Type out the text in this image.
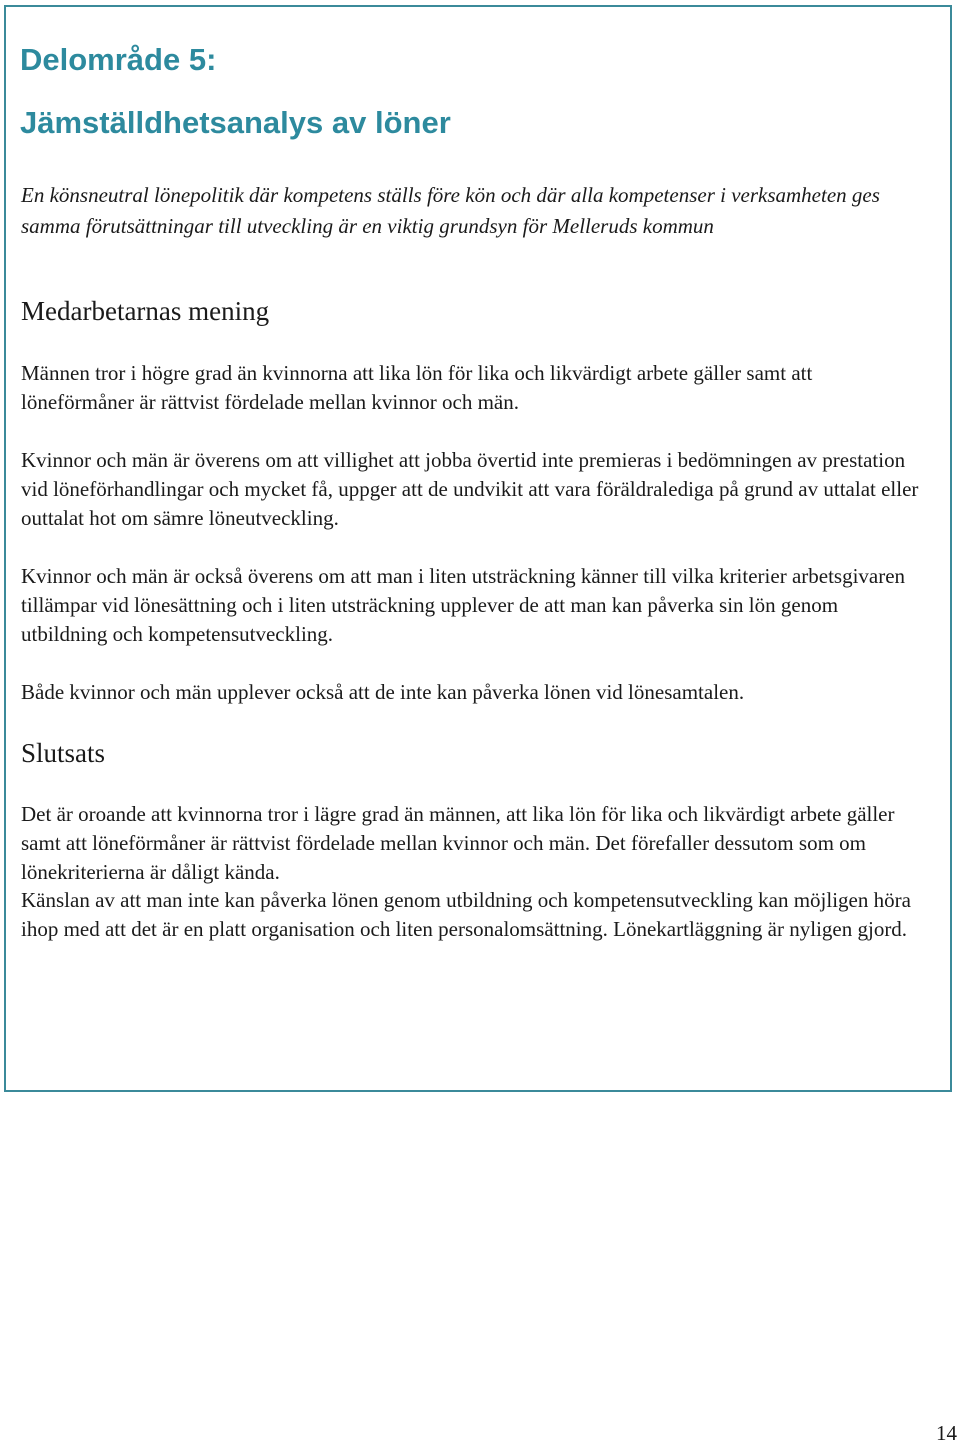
Delområde 5:
Jämställdhetsanalys av löner

En könsneutral lönepolitik där kompetens ställs före kön och där alla kompetenser i verksamheten ges samma förutsättningar till utveckling är en viktig grundsyn för Melleruds kommun

Medarbetarnas mening

Männen tror i högre grad än kvinnorna att lika lön för lika och likvärdigt arbete gäller samt att löneförmåner är rättvist fördelade mellan kvinnor och män.

Kvinnor och män är överens om att villighet att jobba övertid inte premieras i bedömningen av prestation vid löneförhandlingar och mycket få, uppger att de undvikit att vara föräldralediga på grund av uttalat eller outtalat hot om sämre löneutveckling.

Kvinnor och män är också överens om att man i liten utsträckning känner till vilka kriterier arbetsgivaren tillämpar vid lönesättning och i liten utsträckning upplever de att man kan påverka sin lön genom utbildning och kompetensutveckling.

Både kvinnor och män upplever också att de inte kan påverka lönen vid lönesamtalen.

Slutsats

Det är oroande att kvinnorna tror i lägre grad än männen, att lika lön för lika och likvärdigt arbete gäller samt att löneförmåner är rättvist fördelade mellan kvinnor och män. Det förefaller dessutom som om lönekriterierna är dåligt kända.

Känslan av att man inte kan påverka lönen genom utbildning och kompetensutveckling kan möjligen höra ihop med att det är en platt organisation och liten personalomsättning. Lönekartläggning är nyligen gjord.

14
